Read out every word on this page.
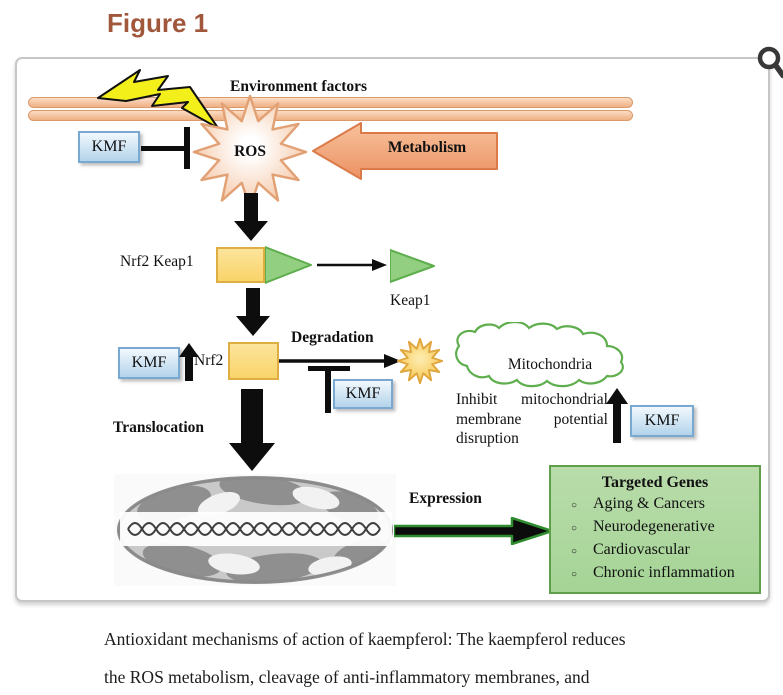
Figure 1
Environment factors
KMF	ROS	Metabolism
Nrf2 Keap1
Keap1
Degradation
KMF	Nrf2
KMF
Mitochondria
Inhibit mitochondrial membrane potential disruption
KMF
Translocation
Expression
Targeted Genes
○ Aging & Cancers
○ Neurodegenerative
○ Cardiovascular
○ Chronic inflammation
Antioxidant mechanisms of action of kaempferol: The kaempferol reduces
the ROS metabolism, cleavage of anti-inflammatory membranes, and
